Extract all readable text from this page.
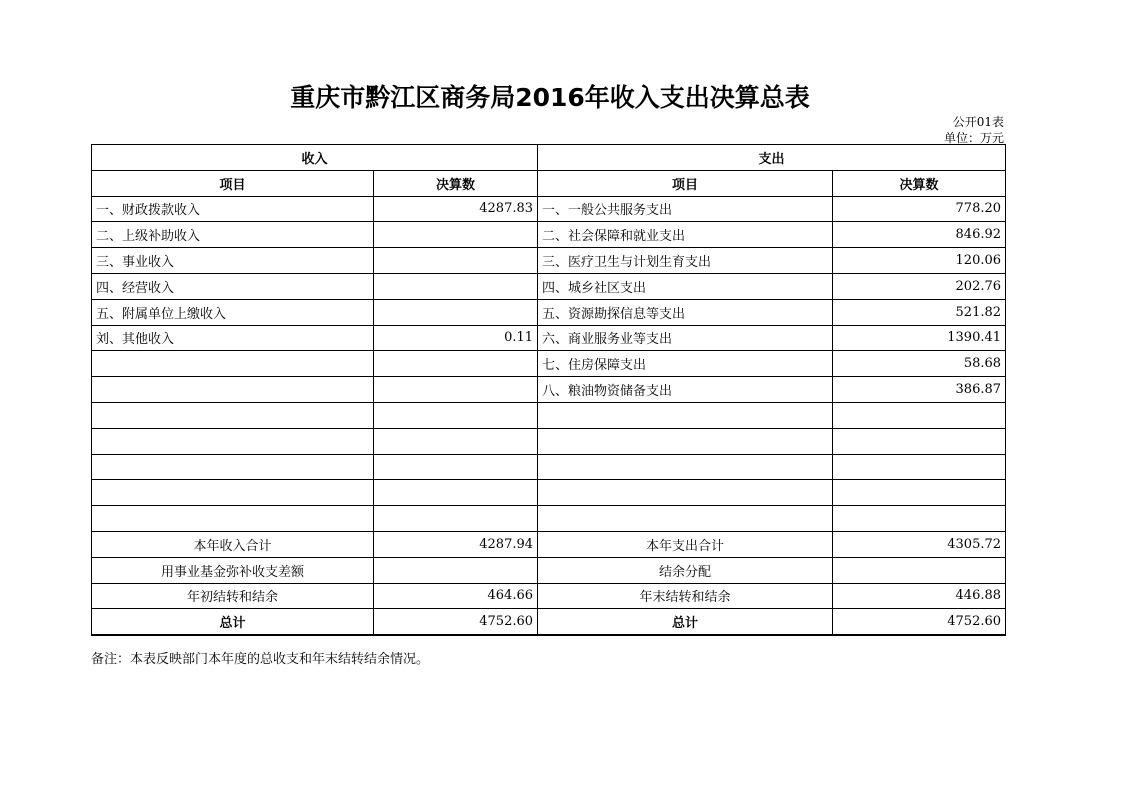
重庆市黔江区商务局2016年收入支出决算总表
公开01表
单位：万元
收入		支出	
项目	决算数	项目	决算数
一、财政拨款收入	4287.83	一、一般公共服务支出	778.20
二、上级补助收入		二、社会保障和就业支出	846.92
三、事业收入		三、医疗卫生与计划生育支出	120.06
四、经营收入		四、城乡社区支出	202.76
五、附属单位上缴收入		五、资源勘探信息等支出	521.82
刘、其他收入	0.11	六、商业服务业等支出	1390.41
		七、住房保障支出	58.68
		八、粮油物资储备支出	386.87

本年收入合计	4287.94	本年支出合计	4305.72
用事业基金弥补收支差额		结余分配	
年初结转和结余	464.66	年末结转和结余	446.88
总计	4752.60	总计	4752.60
备注：本表反映部门本年度的总收支和年末结转结余情况。
